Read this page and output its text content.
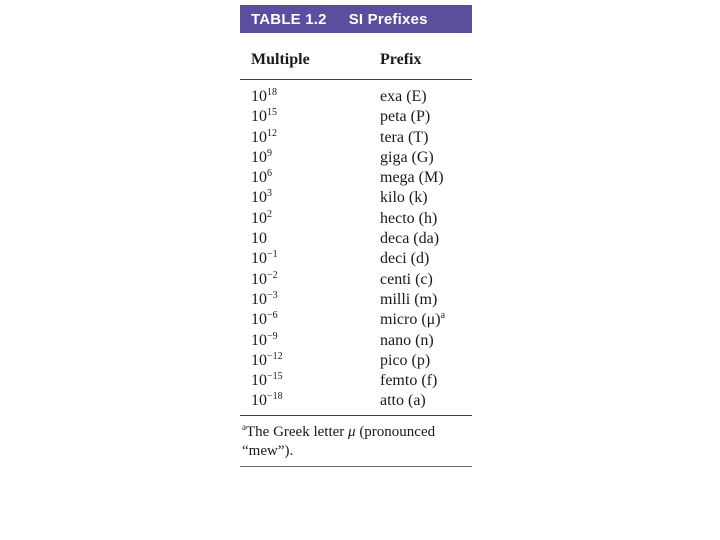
TABLE 1.2 SI Prefixes
Multiple	Prefix
$10^{18}$	exa (E)
$10^{15}$	peta (P)
$10^{12}$	tera (T)
$10^9$	giga (G)
$10^6$	mega (M)
$10^3$	kilo (k)
$10^2$	hecto (h)
10	deca (da)
$10^{-1}$	deci (d)
$10^{-2}$	centi (c)
$10^{-3}$	milli (m)
$10^{-6}$	micro $(\mu)^a$
$10^{-9}$	nano (n)
$10^{-12}$	pico (p)
$10^{-15}$	femto (f)
$10^{-18}$	atto (a)
$^a$The Greek letter μ (pronounced “mew”).
